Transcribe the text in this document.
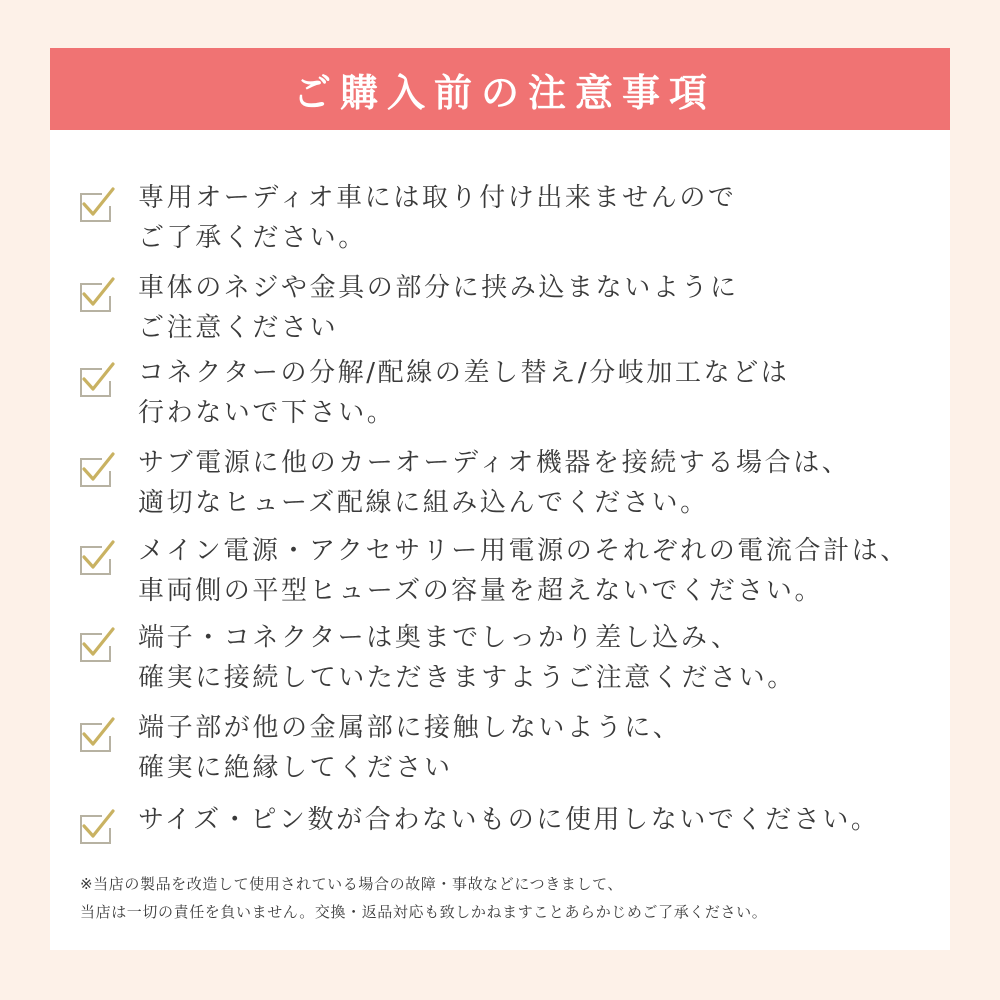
ご購入前の注意事項
専用オーディオ車には取り付け出来ませんので
ご了承ください。
車体のネジや金具の部分に挟み込まないように
ご注意ください
コネクターの分解/配線の差し替え/分岐加工などは
行わないで下さい。
サブ電源に他のカーオーディオ機器を接続する場合は、
適切なヒューズ配線に組み込んでください。
メイン電源・アクセサリー用電源のそれぞれの電流合計は、
車両側の平型ヒューズの容量を超えないでください。
端子・コネクターは奥までしっかり差し込み、
確実に接続していただきますようご注意ください。
端子部が他の金属部に接触しないように、
確実に絶縁してください
サイズ・ピン数が合わないものに使用しないでください。
※当店の製品を改造して使用されている場合の故障・事故などにつきまして、
当店は一切の責任を負いません。交換・返品対応も致しかねますことあらかじめご了承ください。
